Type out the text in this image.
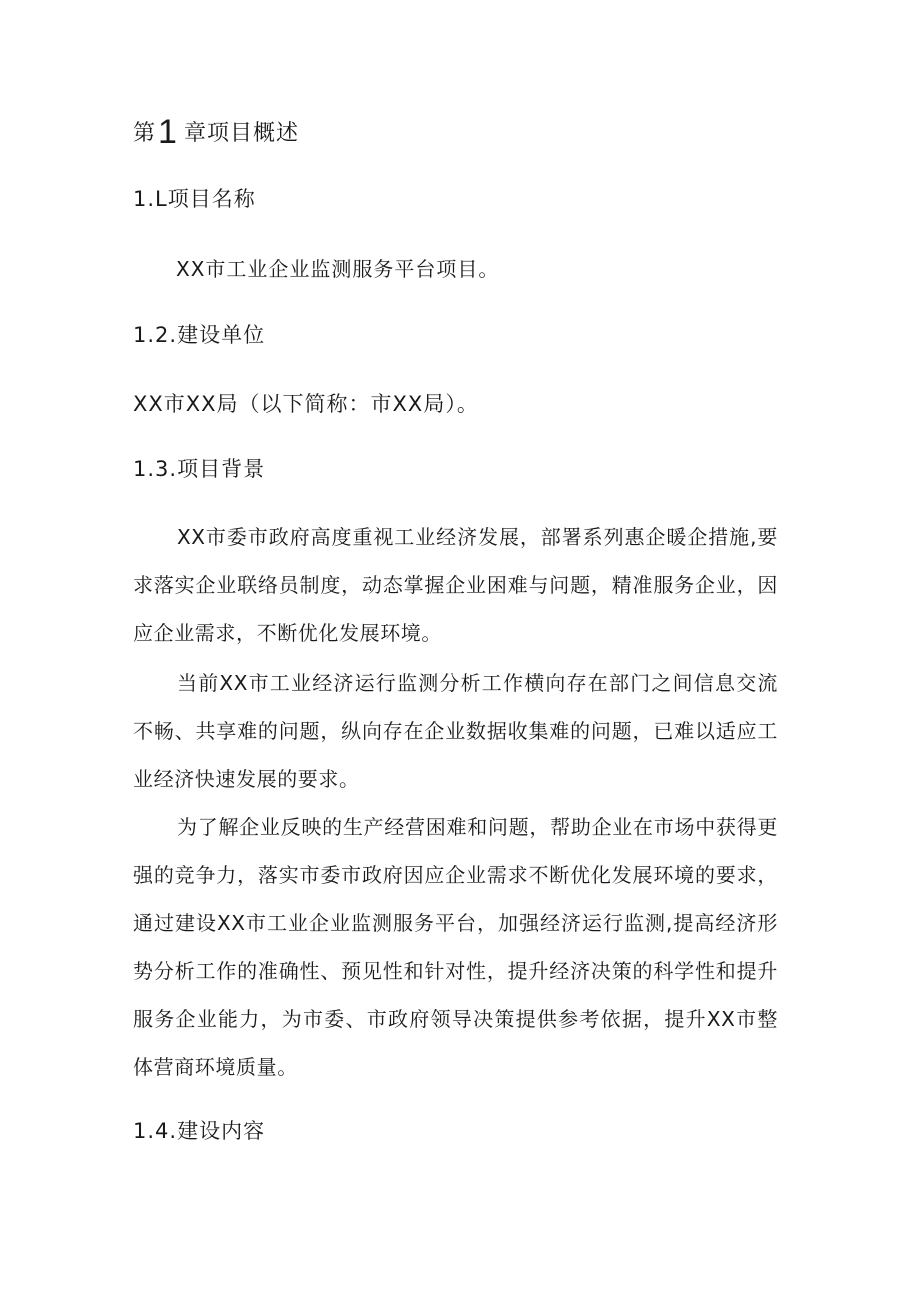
第1 章项目概述
1.L项目名称
XX市工业企业监测服务平台项目。
1.2.建设单位
XX市XX局（以下简称：市XX局）。
1.3.项目背景

XX市委市政府高度重视工业经济发展，部署系列惠企暖企措施,要求落实企业联络员制度，动态掌握企业困难与问题，精准服务企业，因应企业需求，不断优化发展环境。

当前XX市工业经济运行监测分析工作横向存在部门之间信息交流不畅、共享难的问题，纵向存在企业数据收集难的问题，已难以适应工业经济快速发展的要求。

为了解企业反映的生产经营困难和问题，帮助企业在市场中获得更强的竞争力，落实市委市政府因应企业需求不断优化发展环境的要求，通过建设XX市工业企业监测服务平台，加强经济运行监测,提高经济形势分析工作的准确性、预见性和针对性，提升经济决策的科学性和提升服务企业能力，为市委、市政府领导决策提供参考依据，提升XX市整体营商环境质量。

1.4.建设内容
